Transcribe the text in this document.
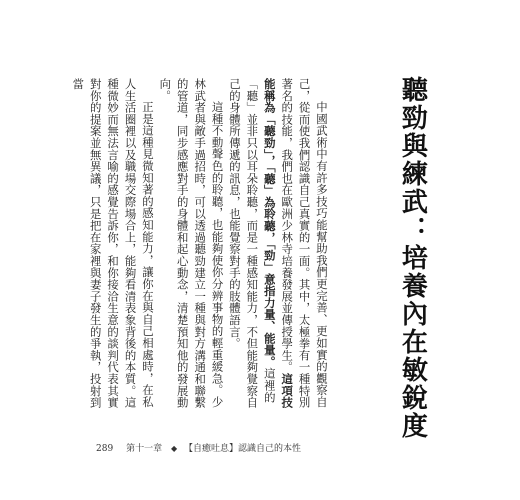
聽勁與練武：培養內在敏銳度

中國武術中有許多技巧能幫助我們更完善、更如實的觀察自己，從而使我們認識自己真實的一面。其中，太極拳有一種特別著名的技能，我們也在歐洲少林寺培養發展並傳授學生。這項技能稱為「聽勁」，「聽」為聆聽，「勁」意指力量、能量。這裡的「聽」並非只以耳朵聆聽，而是一種感知能力，不但能夠覺察自己的身體所傳遞的訊息，也能覺察對手的肢體語言。

這種不動聲色的聆聽，也能夠使你分辨事物的輕重緩急。少林武者與敵手過招時，可以透過聽勁建立一種與對方溝通和聯繫的管道，同步感應對手的身體和起心動念，清楚預知他的發展動向。

正是這種見微知著的感知能力，讓你在與自己相處時，在私人生活圈裡以及職場交際場合上，能夠看清表象背後的本質。這種微妙而無法言喻的感覺告訴你，和你接洽生意的談判代表其實對你的提案並無異議，只是把在家裡與妻子發生的爭執，投射到當

289 第十一章 ◆ 【自癒吐息】認識自己的本性
